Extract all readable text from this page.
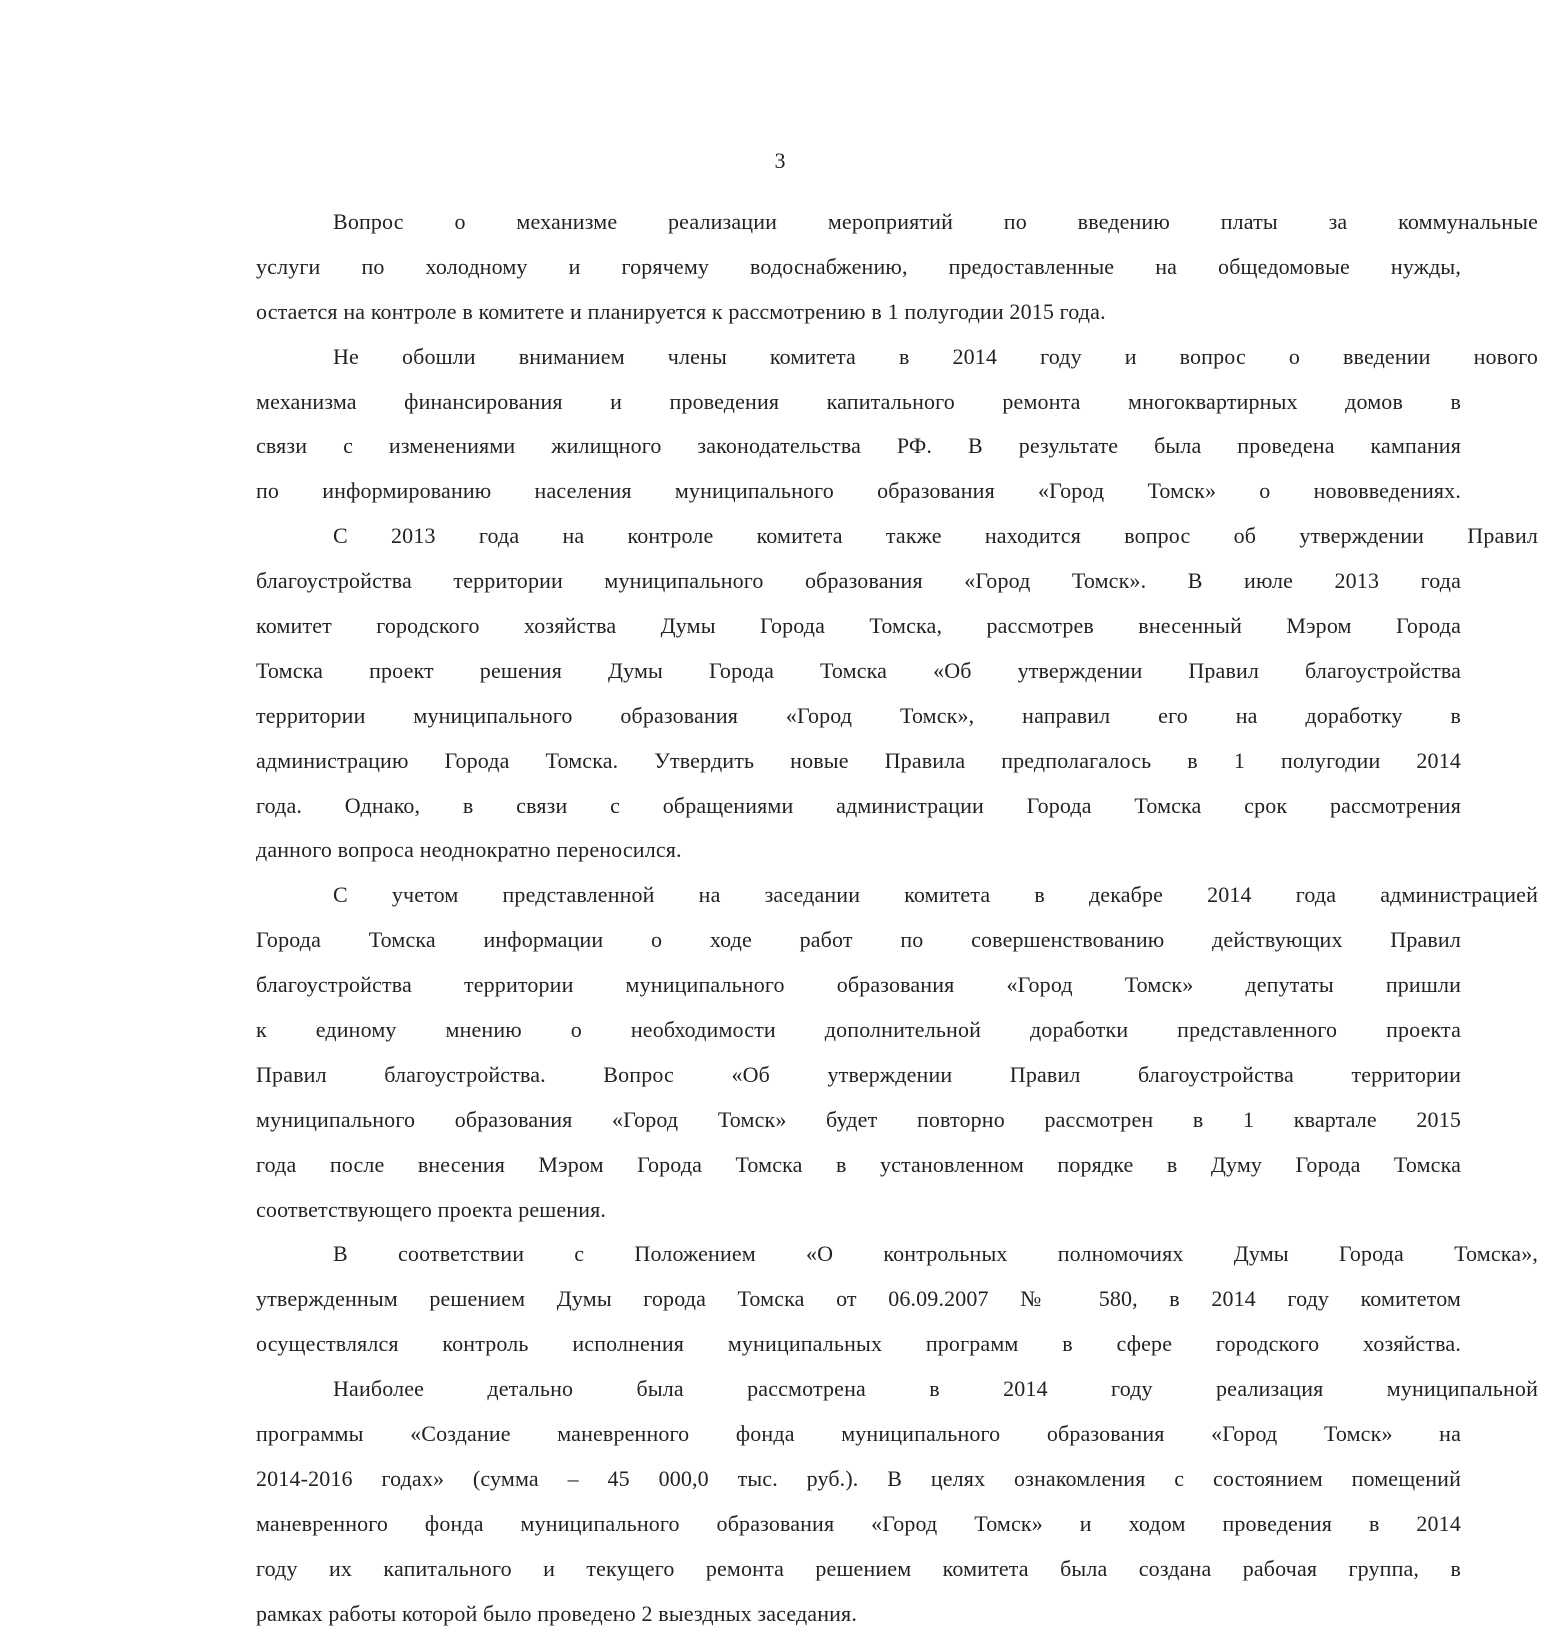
3
Вопрос о механизме реализации мероприятий по введению платы за коммунальные
услуги по холодному и горячему водоснабжению, предоставленные на общедомовые нужды,
остается на контроле в комитете и планируется к рассмотрению в 1 полугодии 2015 года.
Не обошли вниманием члены комитета в 2014 году и вопрос о введении нового
механизма финансирования и проведения капитального ремонта многоквартирных домов в
связи с изменениями жилищного законодательства РФ. В результате была проведена кампания
по информированию населения муниципального образования «Город Томск» о нововведениях.
С 2013 года на контроле комитета также находится вопрос об утверждении Правил
благоустройства территории муниципального образования «Город Томск». В июле 2013 года
комитет городского хозяйства Думы Города Томска, рассмотрев внесенный Мэром Города
Томска проект решения Думы Города Томска «Об утверждении Правил благоустройства
территории муниципального образования «Город Томск», направил его на доработку в
администрацию Города Томска. Утвердить новые Правила предполагалось в 1 полугодии 2014
года. Однако, в связи с обращениями администрации Города Томска срок рассмотрения
данного вопроса неоднократно переносился.
С учетом представленной на заседании комитета в декабре 2014 года администрацией
Города Томска информации о ходе работ по совершенствованию действующих Правил
благоустройства территории муниципального образования «Город Томск» депутаты пришли
к единому мнению о необходимости дополнительной доработки представленного проекта
Правил благоустройства. Вопрос «Об утверждении Правил благоустройства территории
муниципального образования «Город Томск» будет повторно рассмотрен в 1 квартале 2015
года после внесения Мэром Города Томска в установленном порядке в Думу Города Томска
соответствующего проекта решения.
В соответствии с Положением «О контрольных полномочиях Думы Города Томска»,
утвержденным решением Думы города Томска от 06.09.2007 № 580, в 2014 году комитетом
осуществлялся контроль исполнения муниципальных программ в сфере городского хозяйства.
Наиболее детально была рассмотрена в 2014 году реализация муниципальной
программы «Создание маневренного фонда муниципального образования «Город Томск» на
2014-2016 годах» (сумма – 45 000,0 тыс. руб.). В целях ознакомления с состоянием помещений
маневренного фонда муниципального образования «Город Томск» и ходом проведения в 2014
году их капитального и текущего ремонта решением комитета была создана рабочая группа, в
рамках работы которой было проведено 2 выездных заседания.
